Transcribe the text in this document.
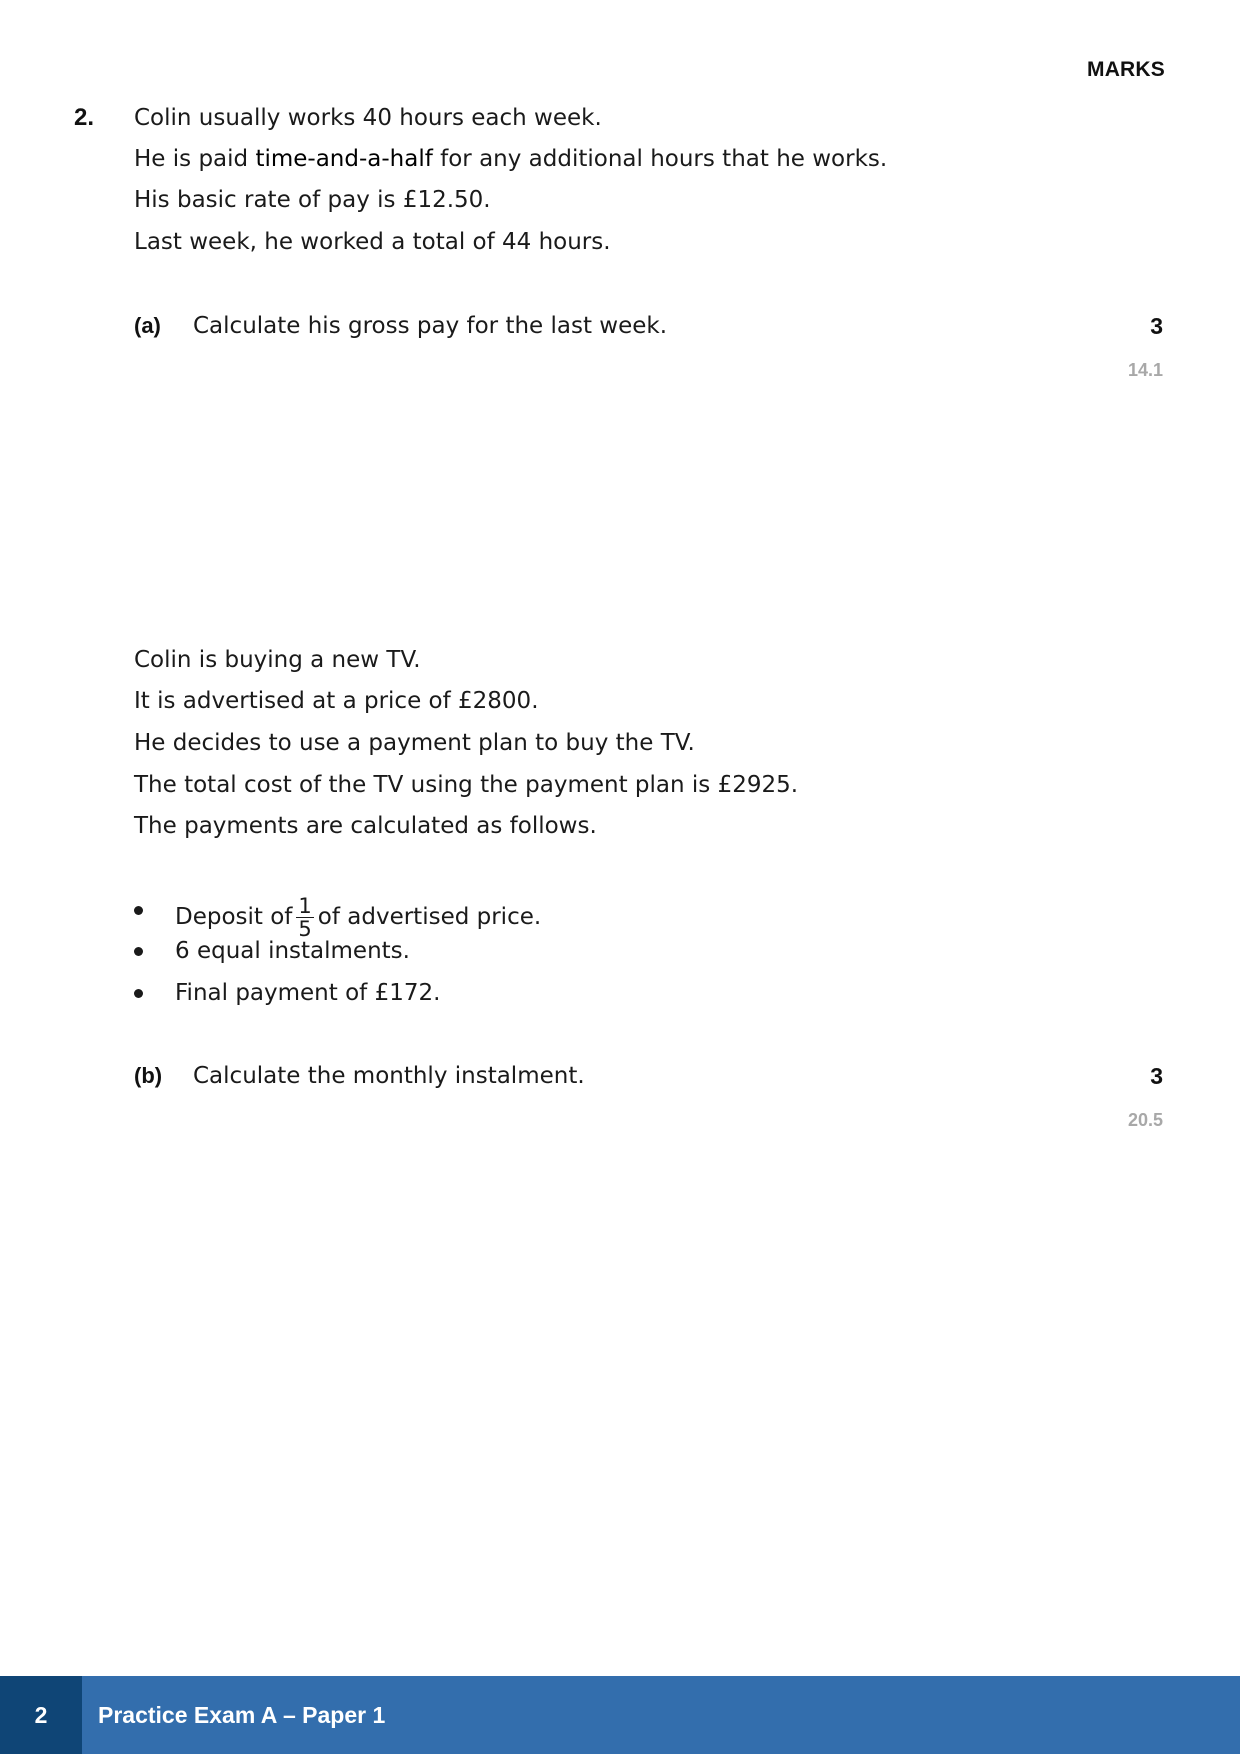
MARKS
2. Colin usually works 40 hours each week.
He is paid time-and-a-half for any additional hours that he works.
His basic rate of pay is £12.50.
Last week, he worked a total of 44 hours.
(a) Calculate his gross pay for the last week.	3
14.1
Colin is buying a new TV.
It is advertised at a price of £2800.
He decides to use a payment plan to buy the TV.
The total cost of the TV using the payment plan is £2925.
The payments are calculated as follows.
Deposit of $\frac{1}{5}$ of advertised price.
6 equal instalments.
Final payment of £172.
(b) Calculate the monthly instalment.	3
20.5
2	Practice Exam A – Paper 1
